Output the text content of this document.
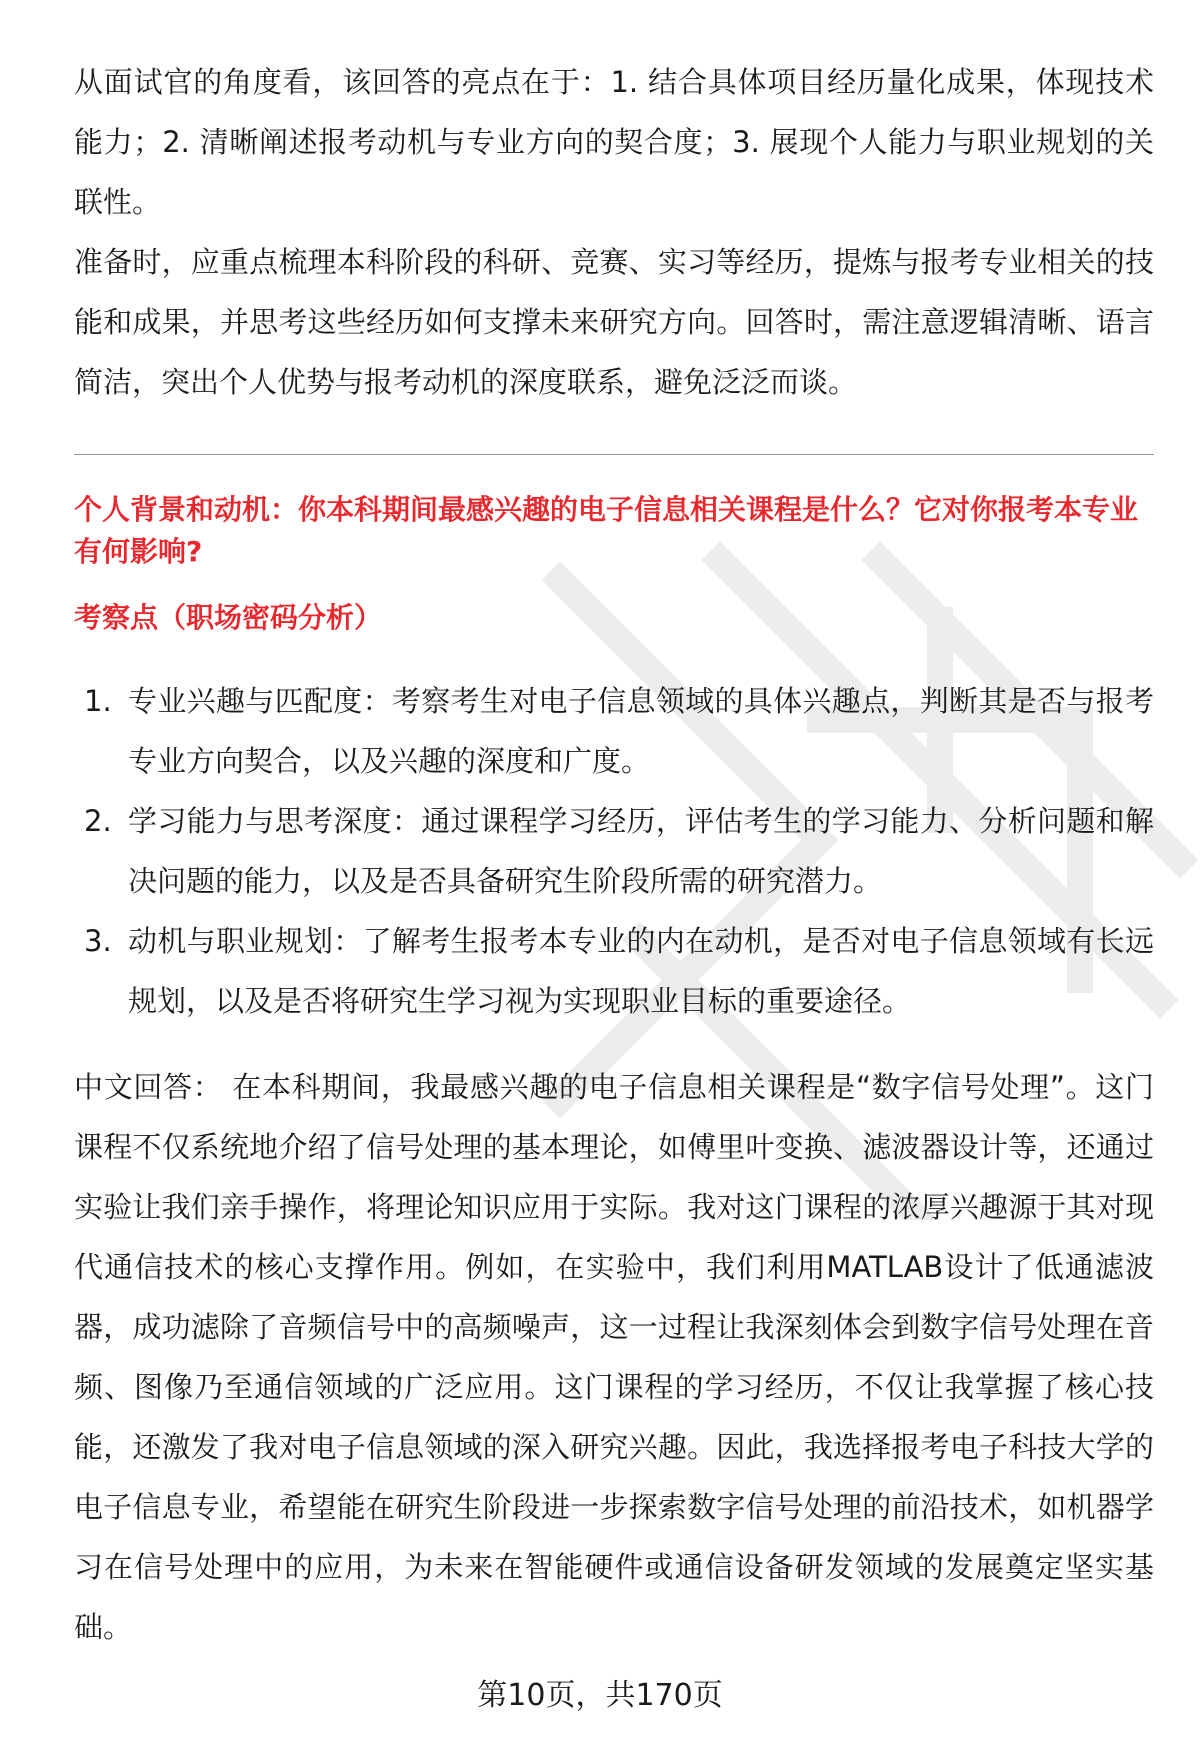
从面试官的角度看，该回答的亮点在于：1. 结合具体项目经历量化成果，体现技术能力；2. 清晰阐述报考动机与专业方向的契合度；3. 展现个人能力与职业规划的关联性。

准备时，应重点梳理本科阶段的科研、竞赛、实习等经历，提炼与报考专业相关的技能和成果，并思考这些经历如何支撑未来研究方向。回答时，需注意逻辑清晰、语言简洁，突出个人优势与报考动机的深度联系，避免泛泛而谈。

个人背景和动机：你本科期间最感兴趣的电子信息相关课程是什么？它对你报考本专业有何影响?

考察点（职场密码分析）

1. 专业兴趣与匹配度：考察考生对电子信息领域的具体兴趣点，判断其是否与报考专业方向契合，以及兴趣的深度和广度。
2. 学习能力与思考深度：通过课程学习经历，评估考生的学习能力、分析问题和解决问题的能力，以及是否具备研究生阶段所需的研究潜力。
3. 动机与职业规划：了解考生报考本专业的内在动机，是否对电子信息领域有长远规划，以及是否将研究生学习视为实现职业目标的重要途径。

中文回答： 在本科期间，我最感兴趣的电子信息相关课程是“数字信号处理”。这门课程不仅系统地介绍了信号处理的基本理论，如傅里叶变换、滤波器设计等，还通过实验让我们亲手操作，将理论知识应用于实际。我对这门课程的浓厚兴趣源于其对现代通信技术的核心支撑作用。例如，在实验中，我们利用MATLAB设计了低通滤波器，成功滤除了音频信号中的高频噪声，这一过程让我深刻体会到数字信号处理在音频、图像乃至通信领域的广泛应用。这门课程的学习经历，不仅让我掌握了核心技能，还激发了我对电子信息领域的深入研究兴趣。因此，我选择报考电子科技大学的电子信息专业，希望能在研究生阶段进一步探索数字信号处理的前沿技术，如机器学习在信号处理中的应用，为未来在智能硬件或通信设备研发领域的发展奠定坚实基础。

第10页，共170页
